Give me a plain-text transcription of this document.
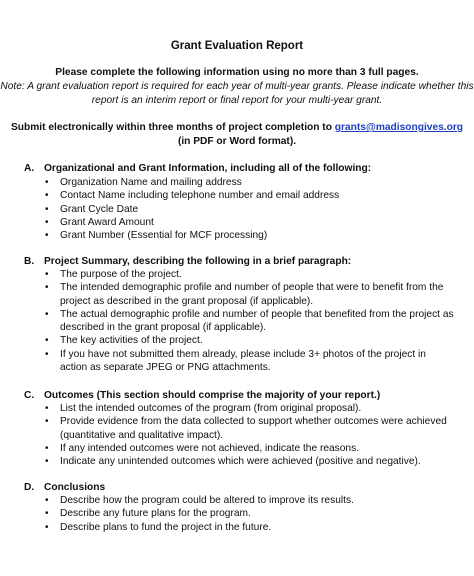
Grant Evaluation Report
Please complete the following information using no more than 3 full pages.
Note: A grant evaluation report is required for each year of multi-year grants. Please indicate whether this
report is an interim report or final report for your multi-year grant.
Submit electronically within three months of project completion to grants@madisongives.org
(in PDF or Word format).
A. Organizational and Grant Information, including all of the following:
• Organization Name and mailing address
• Contact Name including telephone number and email address
• Grant Cycle Date
• Grant Award Amount
• Grant Number (Essential for MCF processing)
B. Project Summary, describing the following in a brief paragraph:
• The purpose of the project.
• The intended demographic profile and number of people that were to benefit from the project as described in the grant proposal (if applicable).
• The actual demographic profile and number of people that benefited from the project as described in the grant proposal (if applicable).
• The key activities of the project.
• If you have not submitted them already, please include 3+ photos of the project in action as separate JPEG or PNG attachments.
C. Outcomes (This section should comprise the majority of your report.)
• List the intended outcomes of the program (from original proposal).
• Provide evidence from the data collected to support whether outcomes were achieved (quantitative and qualitative impact).
• If any intended outcomes were not achieved, indicate the reasons.
• Indicate any unintended outcomes which were achieved (positive and negative).
D. Conclusions
• Describe how the program could be altered to improve its results.
• Describe any future plans for the program.
• Describe plans to fund the project in the future.
